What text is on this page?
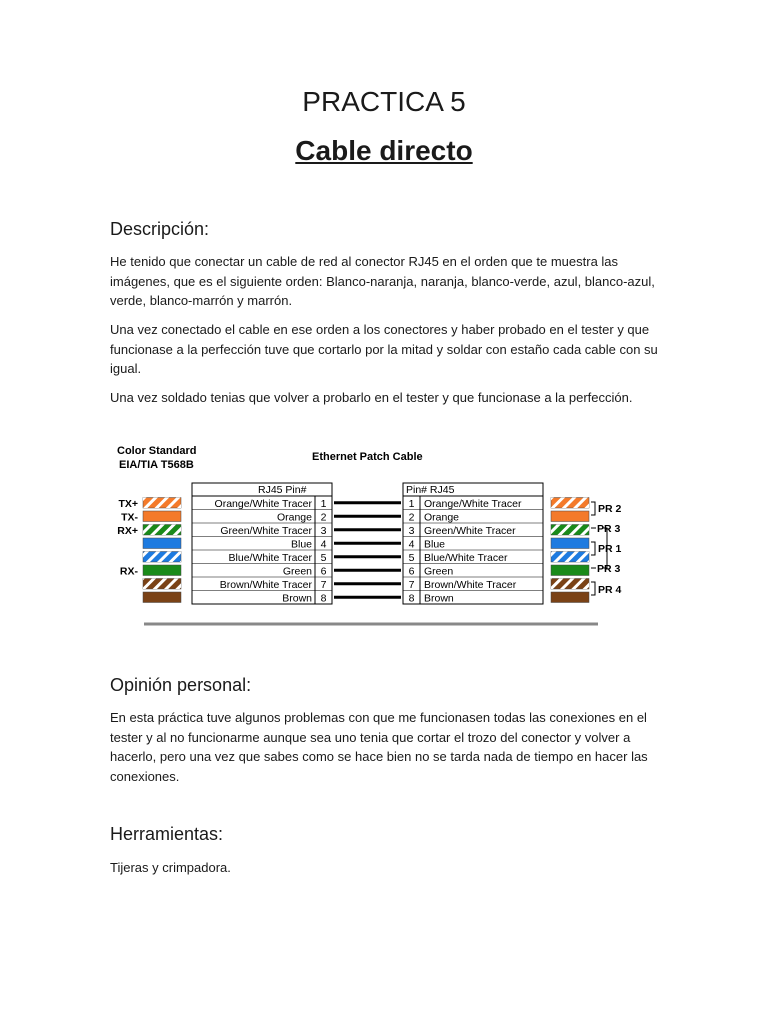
PRACTICA 5
Cable directo
Descripción:

He tenido que conectar un cable de red al conector RJ45 en el orden que te muestra las imágenes, que es el siguiente orden: Blanco-naranja, naranja, blanco-verde, azul, blanco-azul, verde, blanco-marrón y marrón.

Una vez conectado el cable en ese orden a los conectores y haber probado en el tester y que funcionase a la perfección tuve que cortarlo por la mitad y soldar con estaño cada cable con su igual.

Una vez soldado tenias que volver a probarlo en el tester y que funcionase a la perfección.

Color Standard
EIA/TIA T568B
Ethernet Patch Cable
RJ45 Pin#	Pin# RJ45
TX+	Orange/White Tracer 1	1 Orange/White Tracer
TX-	Orange 2	2 Orange
RX+	Green/White Tracer 3	3 Green/White Tracer
Blue 4	4 Blue
Blue/White Tracer 5	5 Blue/White Tracer
RX-	Green 6	6 Green
Brown/White Tracer 7	7 Brown/White Tracer
Brown 8	8 Brown
PR 2
PR 3
PR 1
PR 3
PR 4
Opinión personal:

En esta práctica tuve algunos problemas con que me funcionasen todas las conexiones en el tester y al no funcionarme aunque sea uno tenia que cortar el trozo del conector y volver a hacerlo, pero una vez que sabes como se hace bien no se tarda nada de tiempo en hacer las conexiones.

Herramientas:

Tijeras y crimpadora.
